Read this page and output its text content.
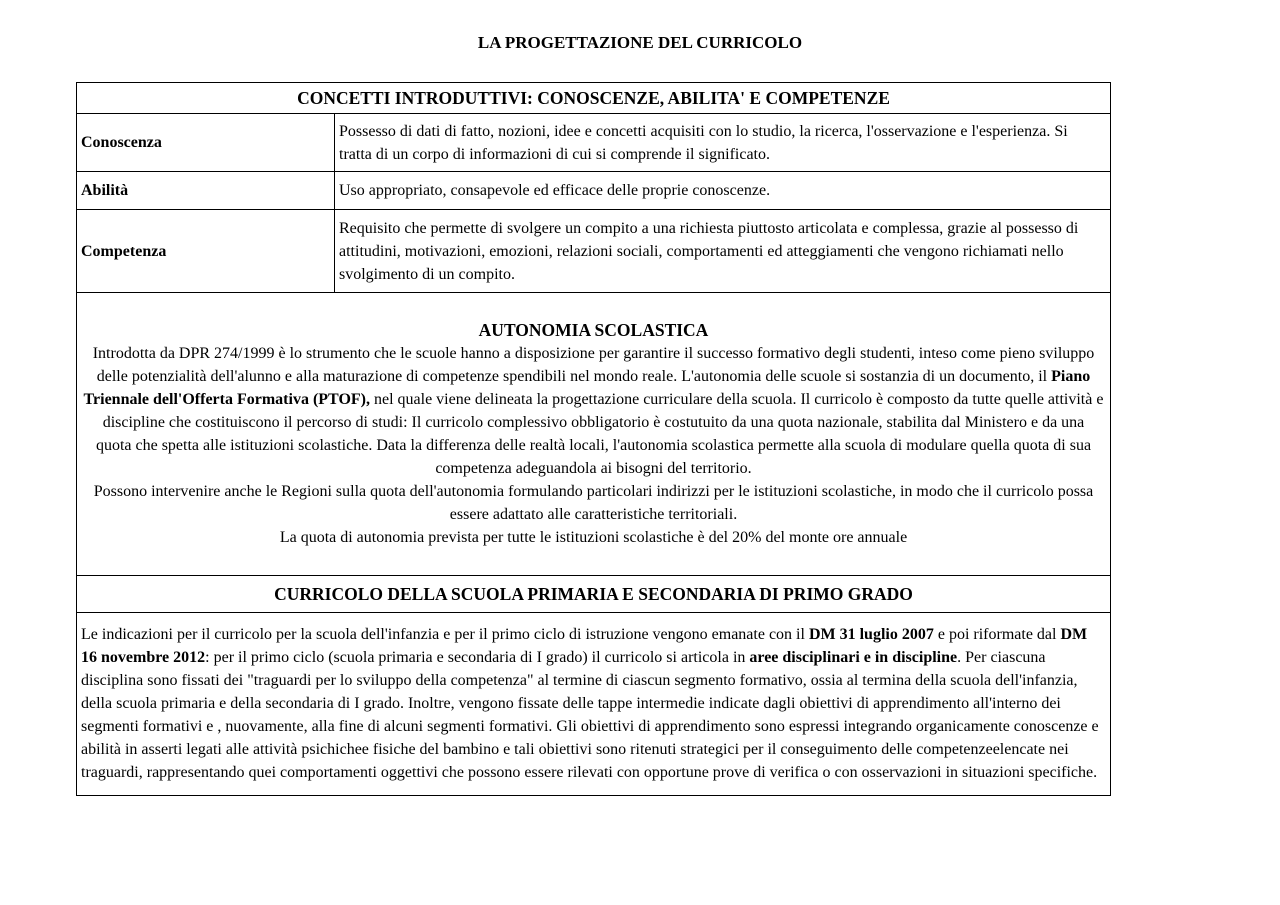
LA PROGETTAZIONE DEL CURRICOLO
CONCETTI INTRODUTTIVI: CONOSCENZE, ABILITA' E COMPETENZE	
Conoscenza	Possesso di dati di fatto, nozioni, idee e concetti acquisiti con lo studio, la ricerca, l'osservazione e l'esperienza. Si tratta di un corpo di informazioni di cui si comprende il significato.
Abilità	Uso appropriato, consapevole ed efficace delle proprie conoscenze.
Competenza	Requisito che permette di svolgere un compito a una richiesta piuttosto articolata e complessa, grazie al possesso di attitudini, motivazioni, emozioni, relazioni sociali, comportamenti ed atteggiamenti che vengono richiamati nello svolgimento di un compito.

AUTONOMIA SCOLASTICA
Introdotta da DPR 274/1999 è lo strumento che le scuole hanno a disposizione per garantire il successo formativo degli studenti, inteso come pieno sviluppo delle potenzialità dell'alunno e alla maturazione di competenze spendibili nel mondo reale. L'autonomia delle scuole si sostanzia di un documento, il Piano Triennale dell'Offerta Formativa (PTOF), nel quale viene delineata la progettazione curriculare della scuola. Il curricolo è composto da tutte quelle attività e discipline che costituiscono il percorso di studi: Il curricolo complessivo obbligatorio è costutuito da una quota nazionale, stabilita dal Ministero e da una quota che spetta alle istituzioni scolastiche. Data la differenza delle realtà locali, l'autonomia scolastica permette alla scuola di modulare quella quota di sua competenza adeguandola ai bisogni del territorio.
Possono intervenire anche le Regioni sulla quota dell'autonomia formulando particolari indirizzi per le istituzioni scolastiche, in modo che il curricolo possa essere adattato alle caratteristiche territoriali.
La quota di autonomia prevista per tutte le istituzioni scolastiche è del 20% del monte ore annuale	

CURRICOLO DELLA SCUOLA PRIMARIA E SECONDARIA DI PRIMO GRADO	
Le indicazioni per il curricolo per la scuola dell'infanzia e per il primo ciclo di istruzione vengono emanate con il DM 31 luglio 2007 e poi riformate dal DM 16 novembre 2012: per il primo ciclo (scuola primaria e secondaria di I grado) il curricolo si articola in aree disciplinari e in discipline. Per ciascuna disciplina sono fissati dei "traguardi per lo sviluppo della competenza" al termine di ciascun segmento formativo, ossia al termina della scuola dell'infanzia, della scuola primaria e della secondaria di I grado. Inoltre, vengono fissate delle tappe intermedie indicate dagli obiettivi di apprendimento all'interno dei segmenti formativi e , nuovamente, alla fine di alcuni segmenti formativi. Gli obiettivi di apprendimento sono espressi integrando organicamente conoscenze e abilità in asserti legati alle attività psichichee fisiche del bambino e tali obiettivi sono ritenuti strategici per il conseguimento delle competenzeelencate nei traguardi, rappresentando quei comportamenti oggettivi che possono essere rilevati con opportune prove di verifica o con osservazioni in situazioni specifiche.	
